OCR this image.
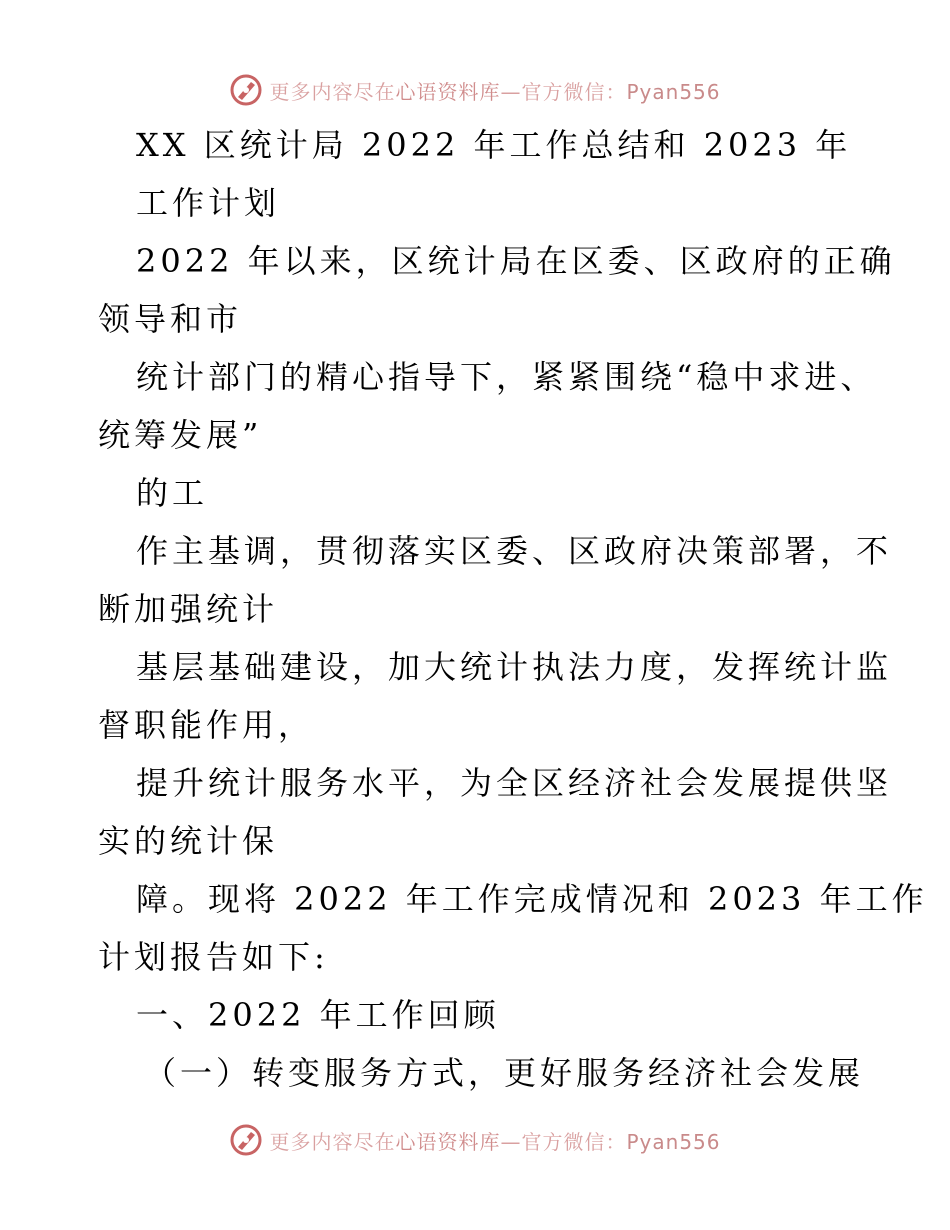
更多内容尽在心语资料库—官方微信：Pyan556
XX 区统计局 2022 年工作总结和 2023 年
工作计划
2022 年以来，区统计局在区委、区政府的正确
领导和市
统计部门的精心指导下，紧紧围绕“稳中求进、
统筹发展”
的工
作主基调，贯彻落实区委、区政府决策部署，不
断加强统计
基层基础建设，加大统计执法力度，发挥统计监
督职能作用，
提升统计服务水平，为全区经济社会发展提供坚
实的统计保
障。现将 2022 年工作完成情况和 2023 年工作
计划报告如下:
一、2022 年工作回顾
（一）转变服务方式，更好服务经济社会发展
更多内容尽在心语资料库—官方微信：Pyan556
